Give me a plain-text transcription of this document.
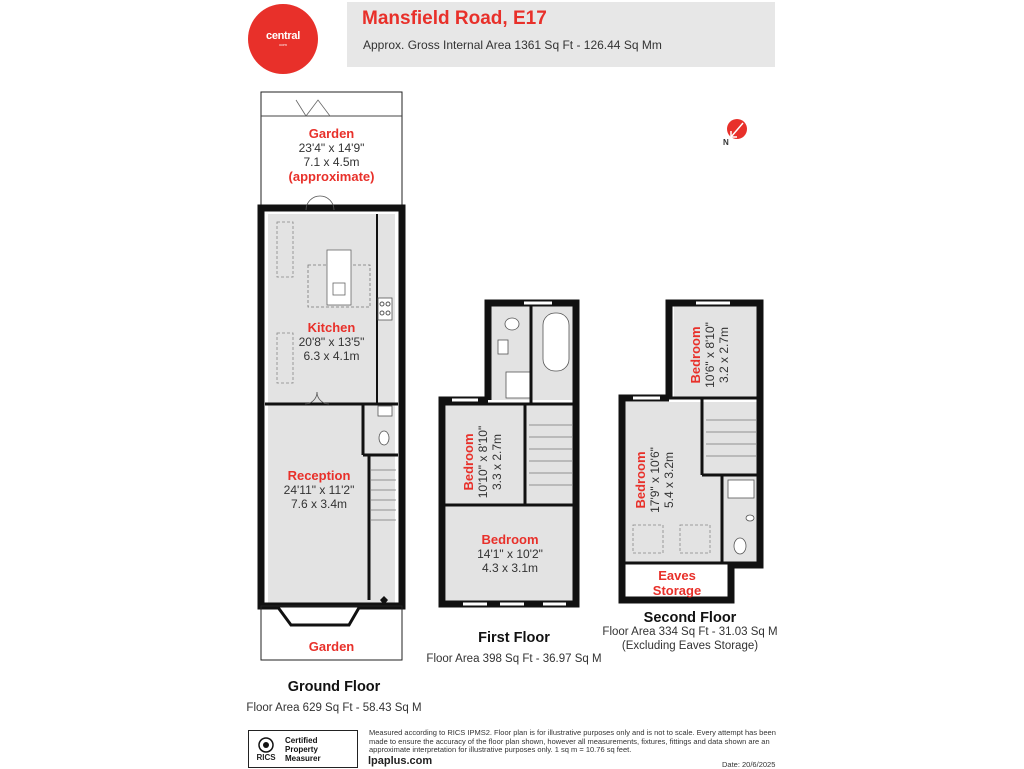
central
com
Mansfield Road, E17
Approx. Gross Internal Area 1361 Sq Ft - 126.44 Sq Mm
N
Garden
23'4" x 14'9"
7.1 x 4.5m
(approximate)
Kitchen
20'8" x 13'5"
6.3 x 4.1m
Reception
24'11" x 11'2"
7.6 x 3.4m
Garden
Ground Floor
Floor Area 629 Sq Ft - 58.43 Sq M
Bedroom 10'10" x 8'10" 3.3 x 2.7m
Bedroom
14'1" x 10'2"
4.3 x 3.1m
First Floor
Floor Area 398 Sq Ft - 36.97 Sq M
Bedroom 10'6" x 8'10" 3.2 x 2.7m
Bedroom 17'9" x 10'6" 5.4 x 3.2m
Eaves
Storage
Second Floor
Floor Area 334 Sq Ft - 31.03 Sq M
(Excluding Eaves Storage)
RICS
Certified
Property
Measurer
Measured according to RICS IPMS2. Floor plan is for illustrative purposes only and is not to scale. Every attempt has been made to ensure the accuracy of the floor plan shown, however all measurements, fixtures, fittings and data shown are an approximate interpretation for illustrative purposes only. 1 sq m = 10.76 sq feet.
lpaplus.com	Date: 20/6/2025
